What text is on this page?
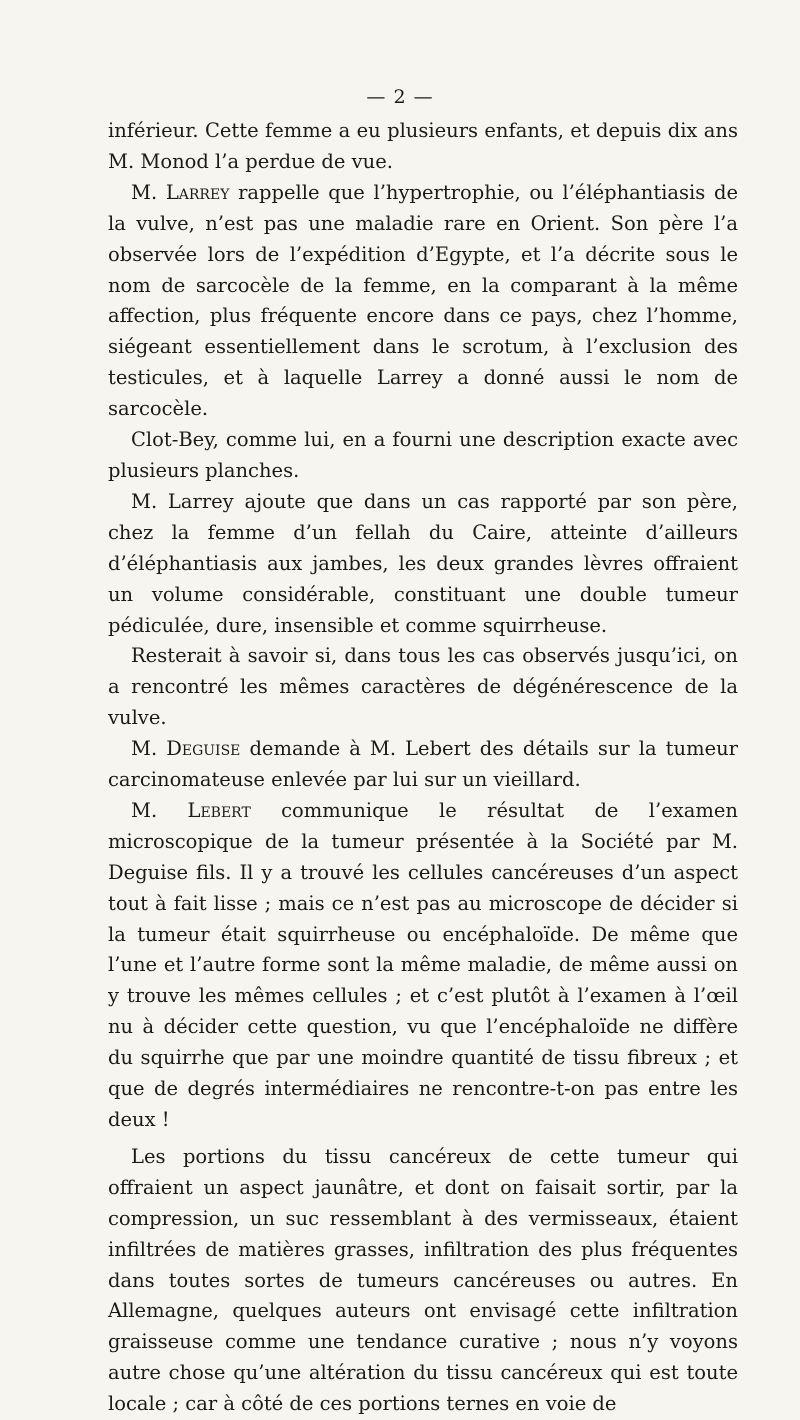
— 2 —

inférieur. Cette femme a eu plusieurs enfants, et depuis dix ans M. Monod l’a perdue de vue.

M. Larrey rappelle que l’hypertrophie, ou l’éléphantiasis de la vulve, n’est pas une maladie rare en Orient. Son père l’a observée lors de l’expédition d’Egypte, et l’a décrite sous le nom de sarcocèle de la femme, en la comparant à la même affection, plus fréquente encore dans ce pays, chez l’homme, siégeant essentiellement dans le scrotum, à l’exclusion des testicules, et à laquelle Larrey a donné aussi le nom de sarcocèle.

Clot-Bey, comme lui, en a fourni une description exacte avec plusieurs planches.

M. Larrey ajoute que dans un cas rapporté par son père, chez la femme d’un fellah du Caire, atteinte d’ailleurs d’éléphantiasis aux jambes, les deux grandes lèvres offraient un volume considérable, constituant une double tumeur pédiculée, dure, insensible et comme squirrheuse.

Resterait à savoir si, dans tous les cas observés jusqu’ici, on a rencontré les mêmes caractères de dégénérescence de la vulve.

M. Deguise demande à M. Lebert des détails sur la tumeur carcinomateuse enlevée par lui sur un vieillard.

M. Lebert communique le résultat de l’examen microscopique de la tumeur présentée à la Société par M. Deguise fils. Il y a trouvé les cellules cancéreuses d’un aspect tout à fait lisse ; mais ce n’est pas au microscope de décider si la tumeur était squirrheuse ou encéphaloïde. De même que l’une et l’autre forme sont la même maladie, de même aussi on y trouve les mêmes cellules ; et c’est plutôt à l’examen à l’œil nu à décider cette question, vu que l’encéphaloïde ne diffère du squirrhe que par une moindre quantité de tissu fibreux ; et que de degrés intermédiaires ne rencontre-t-on pas entre les deux !

Les portions du tissu cancéreux de cette tumeur qui offraient un aspect jaunâtre, et dont on faisait sortir, par la compression, un suc ressemblant à des vermisseaux, étaient infiltrées de matières grasses, infiltration des plus fréquentes dans toutes sortes de tumeurs cancéreuses ou autres. En Allemagne, quelques auteurs ont envisagé cette infiltration graisseuse comme une tendance curative ; nous n’y voyons autre chose qu’une altération du tissu cancéreux qui est toute locale ; car à côté de ces portions ternes en voie de
